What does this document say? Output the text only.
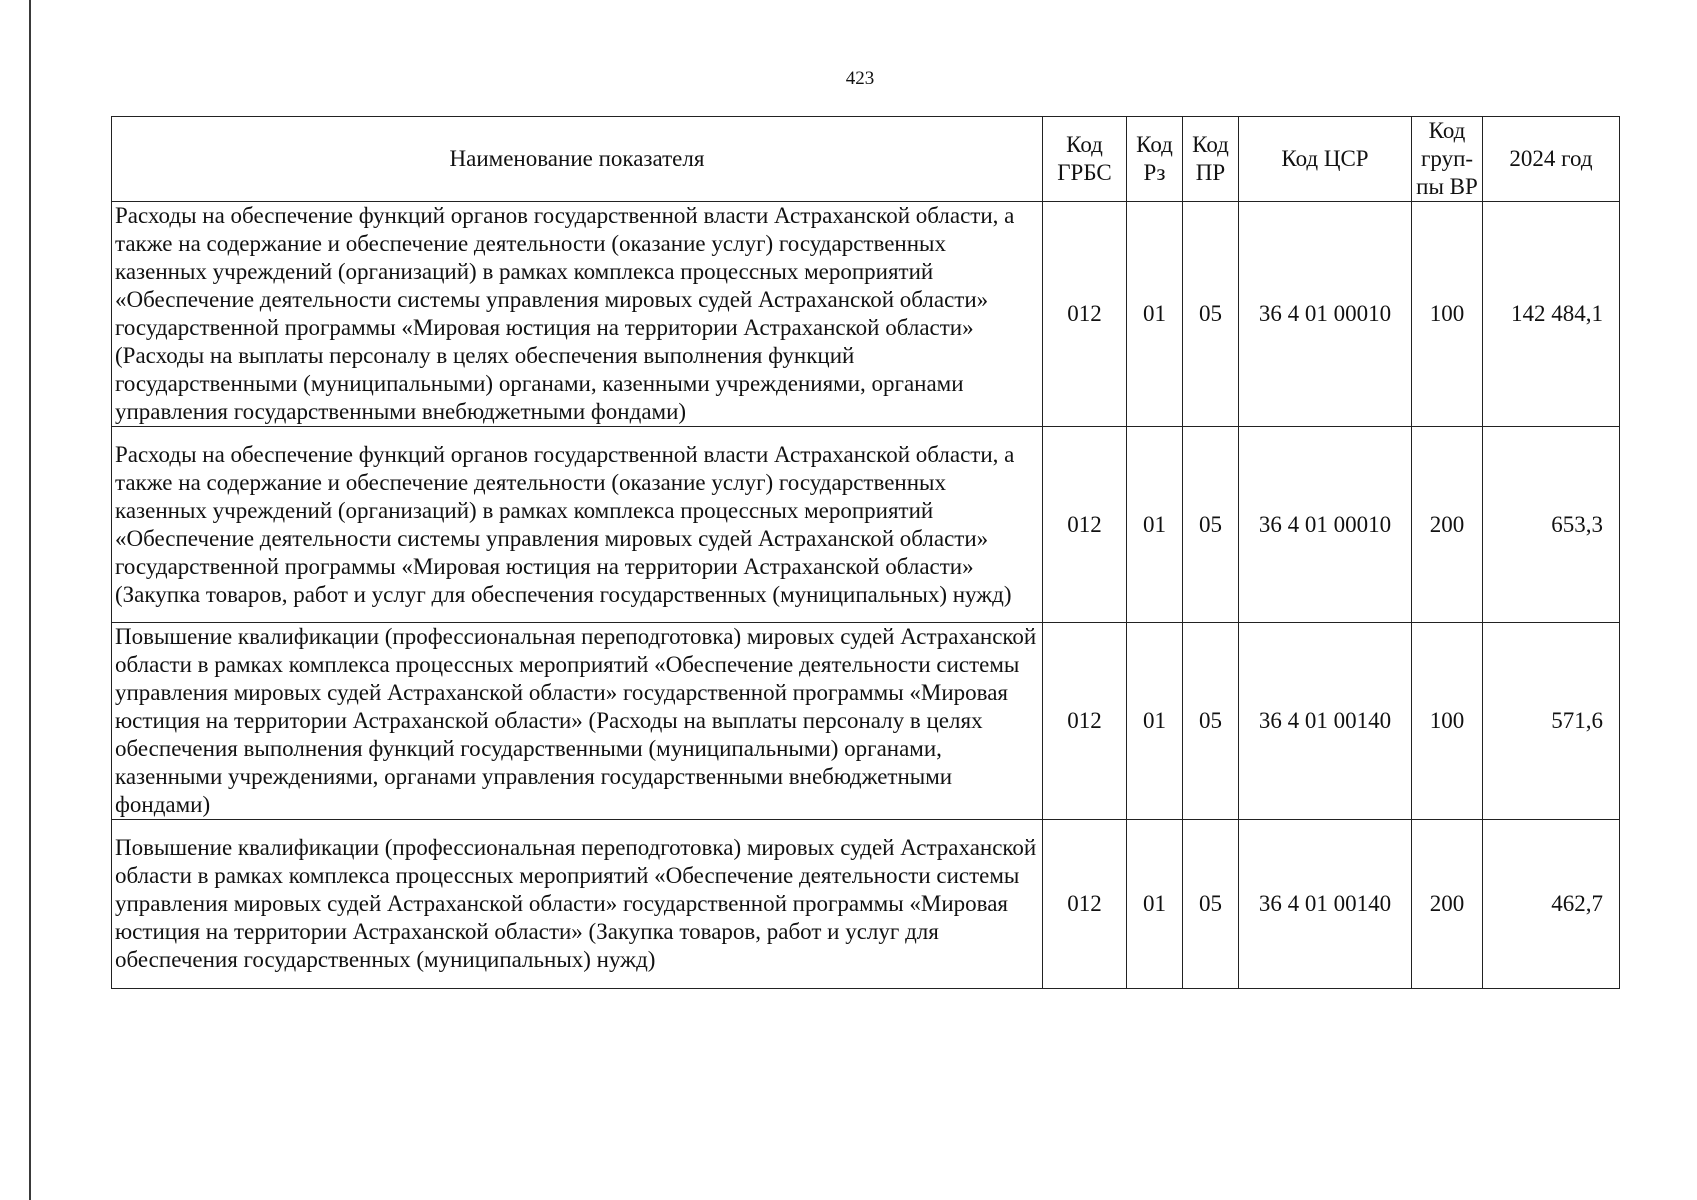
423
Наименование показателя	Код ГРБС	Код Рз	Код ПР	Код ЦСР	Код груп-пы ВР	2024 год
Расходы на обеспечение функций органов государственной власти Астраханской области, а также на содержание и обеспечение деятельности (оказание услуг) государственных казенных учреждений (организаций) в рамках комплекса процессных мероприятий «Обеспечение деятельности системы управления мировых судей Астраханской области» государственной программы «Мировая юстиция на территории Астраханской области» (Расходы на выплаты персоналу в целях обеспечения выполнения функций государственными (муниципальными) органами, казенными учреждениями, органами управления государственными внебюджетными фондами)	012	01	05	36 4 01 00010	100	142 484,1
Расходы на обеспечение функций органов государственной власти Астраханской области, а также на содержание и обеспечение деятельности (оказание услуг) государственных казенных учреждений (организаций) в рамках комплекса процессных мероприятий «Обеспечение деятельности системы управления мировых судей Астраханской области» государственной программы «Мировая юстиция на территории Астраханской области» (Закупка товаров, работ и услуг для обеспечения государственных (муниципальных) нужд)	012	01	05	36 4 01 00010	200	653,3
Повышение квалификации (профессиональная переподготовка) мировых судей Астраханской области в рамках комплекса процессных мероприятий «Обеспечение деятельности системы управления мировых судей Астраханской области» государственной программы «Мировая юстиция на территории Астраханской области» (Расходы на выплаты персоналу в целях обеспечения выполнения функций государственными (муниципальными) органами, казенными учреждениями, органами управления государственными внебюджетными фондами)	012	01	05	36 4 01 00140	100	571,6
Повышение квалификации (профессиональная переподготовка) мировых судей Астраханской области в рамках комплекса процессных мероприятий «Обеспечение деятельности системы управления мировых судей Астраханской области» государственной программы «Мировая юстиция на территории Астраханской области» (Закупка товаров, работ и услуг для обеспечения государственных (муниципальных) нужд)	012	01	05	36 4 01 00140	200	462,7
